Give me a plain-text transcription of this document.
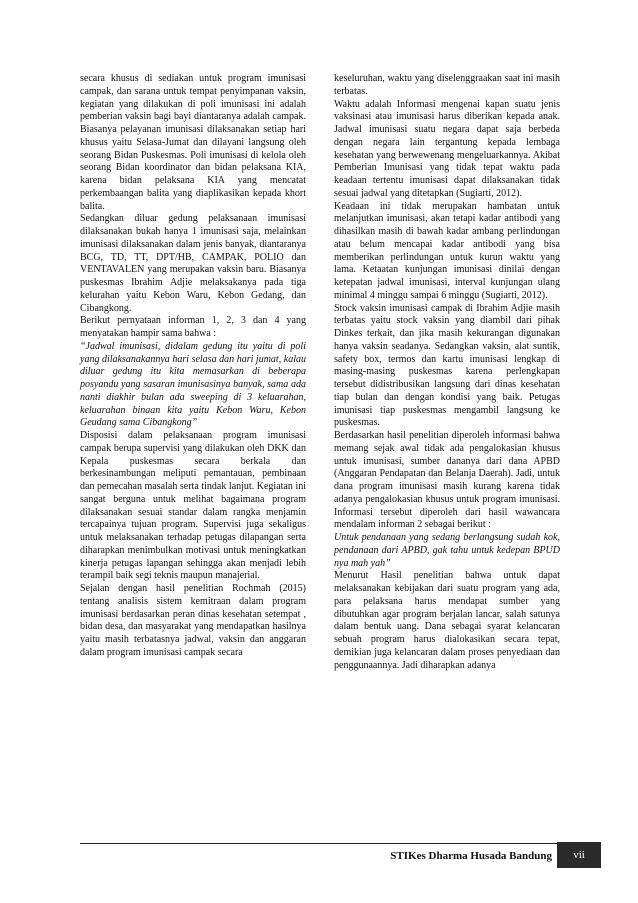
secara khusus di sediakan untuk program imunisasi campak, dan sarana untuk tempat penyimpanan vaksin, kegiatan yang dilakukan di poli imunisasi ini adalah pemberian vaksin bagi bayi diantaranya adalah campak. Biasanya pelayanan imunisasi dilaksanakan setiap hari khusus yaitu Selasa-Jumat dan dilayani langsung oleh seorang Bidan Puskesmas. Poli imunisasi di kelola oleh seorang Bidan koordinator dan bidan pelaksana KIA, karena bidan pelaksana KIA yang mencatat perkembaangan balita yang diaplikasikan kepada khort balita.

Sedangkan diluar gedung pelaksanaan imunisasi dilaksanakan bukah hanya 1 imunisasi saja, melainkan imunisasi dilaksanakan dalam jenis banyak, diantaranya BCG, TD, TT, DPT/HB, CAMPAK, POLIO dan VENTAVALEN yang merupakan vaksin baru. Biasanya puskesmas Ibrahim Adjie melaksakanya pada tiga kelurahan yaitu Kebon Waru, Kebon Gedang, dan Cibangkong.

Berikut pernyataan informan 1, 2, 3 dan 4 yang menyatakan hampir sama bahwa :

“Jadwal imunisasi, didalam gedung itu yaitu di poli yang dilaksanakannya hari selasa dan hari jumat, kalau diluar gedung itu kita memasarkan di beberapa posyandu yang sasaran imunisasinya banyak, sama ada nanti diakhir bulan ada sweeping di 3 keluarahan, keluarahan binaan kita yaitu Kebon Waru, Kebon Geudang sama Cibangkong”

Disposisi dalam pelaksanaan program imunisasi campak berupa supervisi yang dilakukan oleh DKK dan Kepala puskesmas secara berkala dan berkesinambungan meliputi pemantauan, pembinaan dan pemecahan masalah serta tindak lanjut. Kegiatan ini sangat berguna untuk melihat bagaimana program dilaksanakan sesuai standar dalam rangka menjamin tercapainya tujuan program. Supervisi juga sekaligus untuk melaksanakan terhadap petugas dilapangan serta diharapkan menimbulkan motivasi untuk meningkatkan kinerja petugas lapangan sehingga akan menjadi lebih terampil baik segi teknis maupun manajerial.

Sejalan dengan hasil penelitian Rochmah (2015) tentang analisis sistem kemitraan dalam program imunisasi berdasarkan peran dinas kesehatan setempat , bidan desa, dan masyarakat yang mendapatkan hasilnya yaitu masih terbatasnya jadwal, vaksin dan anggaran dalam program imunisasi campak secara

keseluruhan, waktu yang diselenggraakan saat ini masih terbatas.

Waktu adalah Informasi mengenai kapan suatu jenis vaksinasi atau imunisasi harus diberikan kepada anak. Jadwal imunisasi suatu negara dapat saja berbeda dengan negara lain tergantung kepada lembaga kesehatan yang berwewenang mengeluarkannya. Akibat Pemberian Imunisasi yang tidak tepat waktu pada keadaan tertentu imunisasi dapat dilaksanakan tidak sesuai jadwal yang ditetapkan (Sugiarti, 2012).

Keadaan ini tidak merupakan hambatan untuk melanjutkan imunisasi, akan tetapi kadar antibodi yang dihasilkan masih di bawah kadar ambang perlindungan atau belum mencapai kadar antibodi yang bisa memberikan perlindungan untuk kurun waktu yang lama. Ketaatan kunjungan imunisasi dinilai dengan ketepatan jadwal imunisasi, interval kunjungan ulang minimal 4 minggu sampai 6 minggu (Sugiarti, 2012).

Stock vaksin imunisasi campak di Ibrahim Adjie masih terbatas yaitu stock vaksin yang diambil dari pihak Dinkes terkait, dan jika masih kekurangan digunakan hanya vaksin seadanya. Sedangkan vaksin, alat suntik, safety box, termos dan kartu imunisasi lengkap di masing-masing puskesmas karena perlengkapan tersebut didistribusikan langsung dari dinas kesehatan tiap bulan dan dengan kondisi yang baik. Petugas imunisasi tiap puskesmas mengambil langsung ke puskesmas.

Berdasarkan hasil penelitian diperoleh informasi bahwa memang sejak awal tidak ada pengalokasian khusus untuk imunisasi, sumber dananya dari dana APBD (Anggaran Pendapatan dan Belanja Daerah). Jadi, untuk dana program imunisasi masih kurang karena tidak adanya pengalokasian khusus untuk program imunisasi. Informasi tersebut diperoleh dari hasil wawancara mendalam informan 2 sebagai berikut :

Untuk pendanaan yang sedang berlangsung sudah kok, pendanaan dari APBD, gak tahu untuk kedepan BPUD nya mah yah”

Menurut Hasil penelitian bahwa untuk dapat melaksanakan kebijakan dari suatu program yang ada, para pelaksana harus mendapat sumber yang dibutuhkan agar program berjalan lancar, salah satunya dalam bentuk uang. Dana sebagai syarat kelancaran sebuah program harus dialokasikan secara tepat, demikian juga kelancaran dalam proses penyediaan dan penggunaannya. Jadi diharapkan adanya

STIKes Dharma Husada Bandung	vii
